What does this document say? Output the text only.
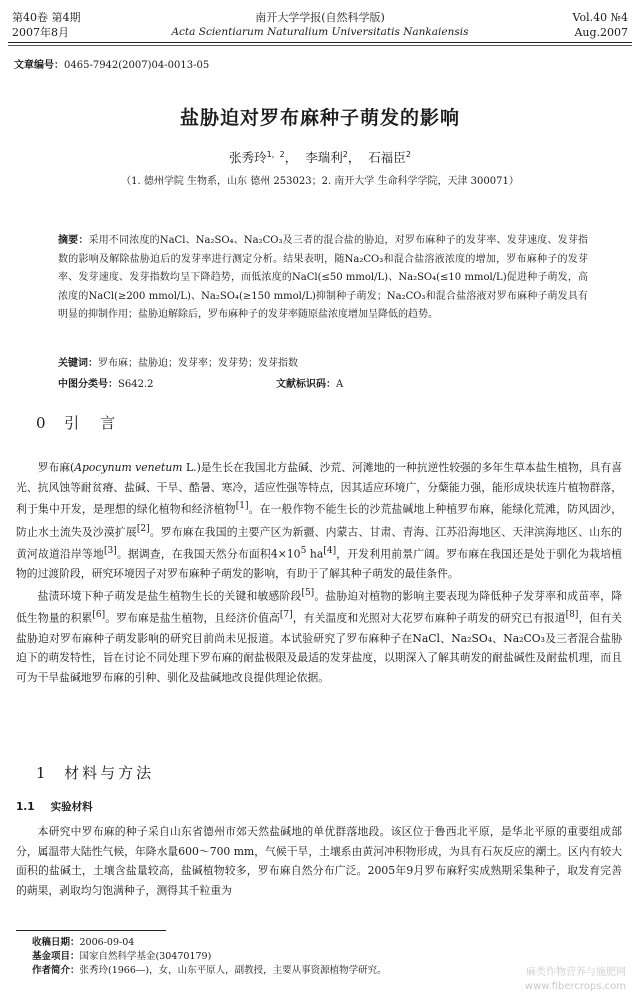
第40卷 第4期
2007年8月
南开大学学报(自然科学版)
Acta Scientiarum Naturalium Universitatis Nankaiensis
Vol.40 №4
Aug.2007
文章编号：0465-7942(2007)04-0013-05
盐胁迫对罗布麻种子萌发的影响
张秀玲$^{1,2}$，  李瑞利$^2$，  石福臣$^2$
（1. 德州学院 生物系，山东 德州 253023；2. 南开大学 生命科学学院，天津 300071）
摘要：采用不同浓度的NaCl、Na₂SO₄、Na₂CO₃及三者的混合盐的胁迫，对罗布麻种子的发芽率、发芽速度、发芽指数的影响及解除盐胁迫后的发芽率进行测定分析。结果表明，随Na₂CO₃和混合盐溶液浓度的增加，罗布麻种子的发芽率、发芽速度、发芽指数均呈下降趋势，而低浓度的NaCl(≤50 mmol/L)、Na₂SO₄(≤10 mmol/L)促进种子萌发，高浓度的NaCl(≥200 mmol/L)、Na₂SO₄(≥150 mmol/L)抑制种子萌发；Na₂CO₃和混合盐溶液对罗布麻种子萌发具有明显的抑制作用；盐胁迫解除后，罗布麻种子的发芽率随原盐浓度增加呈降低的趋势。
关键词：罗布麻；盐胁迫；发芽率；发芽势；发芽指数
中图分类号：S642.2	文献标识码：A
0 引　言

罗布麻(Apocynum venetum L.)是生长在我国北方盐碱、沙荒、河滩地的一种抗逆性较强的多年生草本盐生植物，具有喜光、抗风蚀等耐贫瘠、盐碱、干旱、酷暑、寒冷，适应性强等特点，因其适应环境广，分蘖能力强，能形成块状连片植物群落，利于集中开发，是理想的绿化植物和经济植物[1]。在一般作物不能生长的沙荒盐碱地上种植罗布麻，能绿化荒滩，防风固沙，防止水土流失及沙漠扩展[2]。罗布麻在我国的主要产区为新疆、内蒙古、甘肃、青海、江苏沿海地区、天津滨海地区、山东的黄河故道沿岸等地[3]。据调查，在我国天然分布面积$4\times 10^5$ ha[4]，开发利用前景广阔。罗布麻在我国还是处于驯化为栽培植物的过渡阶段，研究环境因子对罗布麻种子萌发的影响，有助于了解其种子萌发的最佳条件。

盐渍环境下种子萌发是盐生植物生长的关键和敏感阶段[5]。盐胁迫对植物的影响主要表现为降低种子发芽率和成苗率，降低生物量的积累[6]。罗布麻是盐生植物，且经济价值高[7]，有关温度和光照对大花罗布麻种子萌发的研究已有报道[8]，但有关盐胁迫对罗布麻种子萌发影响的研究目前尚未见报道。本试验研究了罗布麻种子在NaCl、Na₂SO₄、Na₂CO₃及三者混合盐胁迫下的萌发特性，旨在讨论不同处理下罗布麻的耐盐极限及最适的发芽盐度，以期深入了解其萌发的耐盐碱性及耐盐机理，而且可为干旱盐碱地罗布麻的引种、驯化及盐碱地改良提供理论依据。

1 材料与方法
1.1 实验材料

本研究中罗布麻的种子采自山东省德州市郊天然盐碱地的单优群落地段。该区位于鲁西北平原，是华北平原的重要组成部分，属温带大陆性气候，年降水量600～700 mm，气候干旱，土壤系由黄河冲积物形成，为具有石灰反应的潮土。区内有较大面积的盐碱土，土壤含盐量较高，盐碱植物较多，罗布麻自然分布广泛。2005年9月罗布麻籽实成熟期采集种子，取发育完善的蒴果，剥取均匀饱满种子，测得其千粒重为

收稿日期：2006-09-04
基金项目：国家自然科学基金(30470179)
作者简介：张秀玲(1966—)，女，山东平原人，副教授，主要从事资源植物学研究。	麻类作物营养与施肥网
www.fibercrops.com
